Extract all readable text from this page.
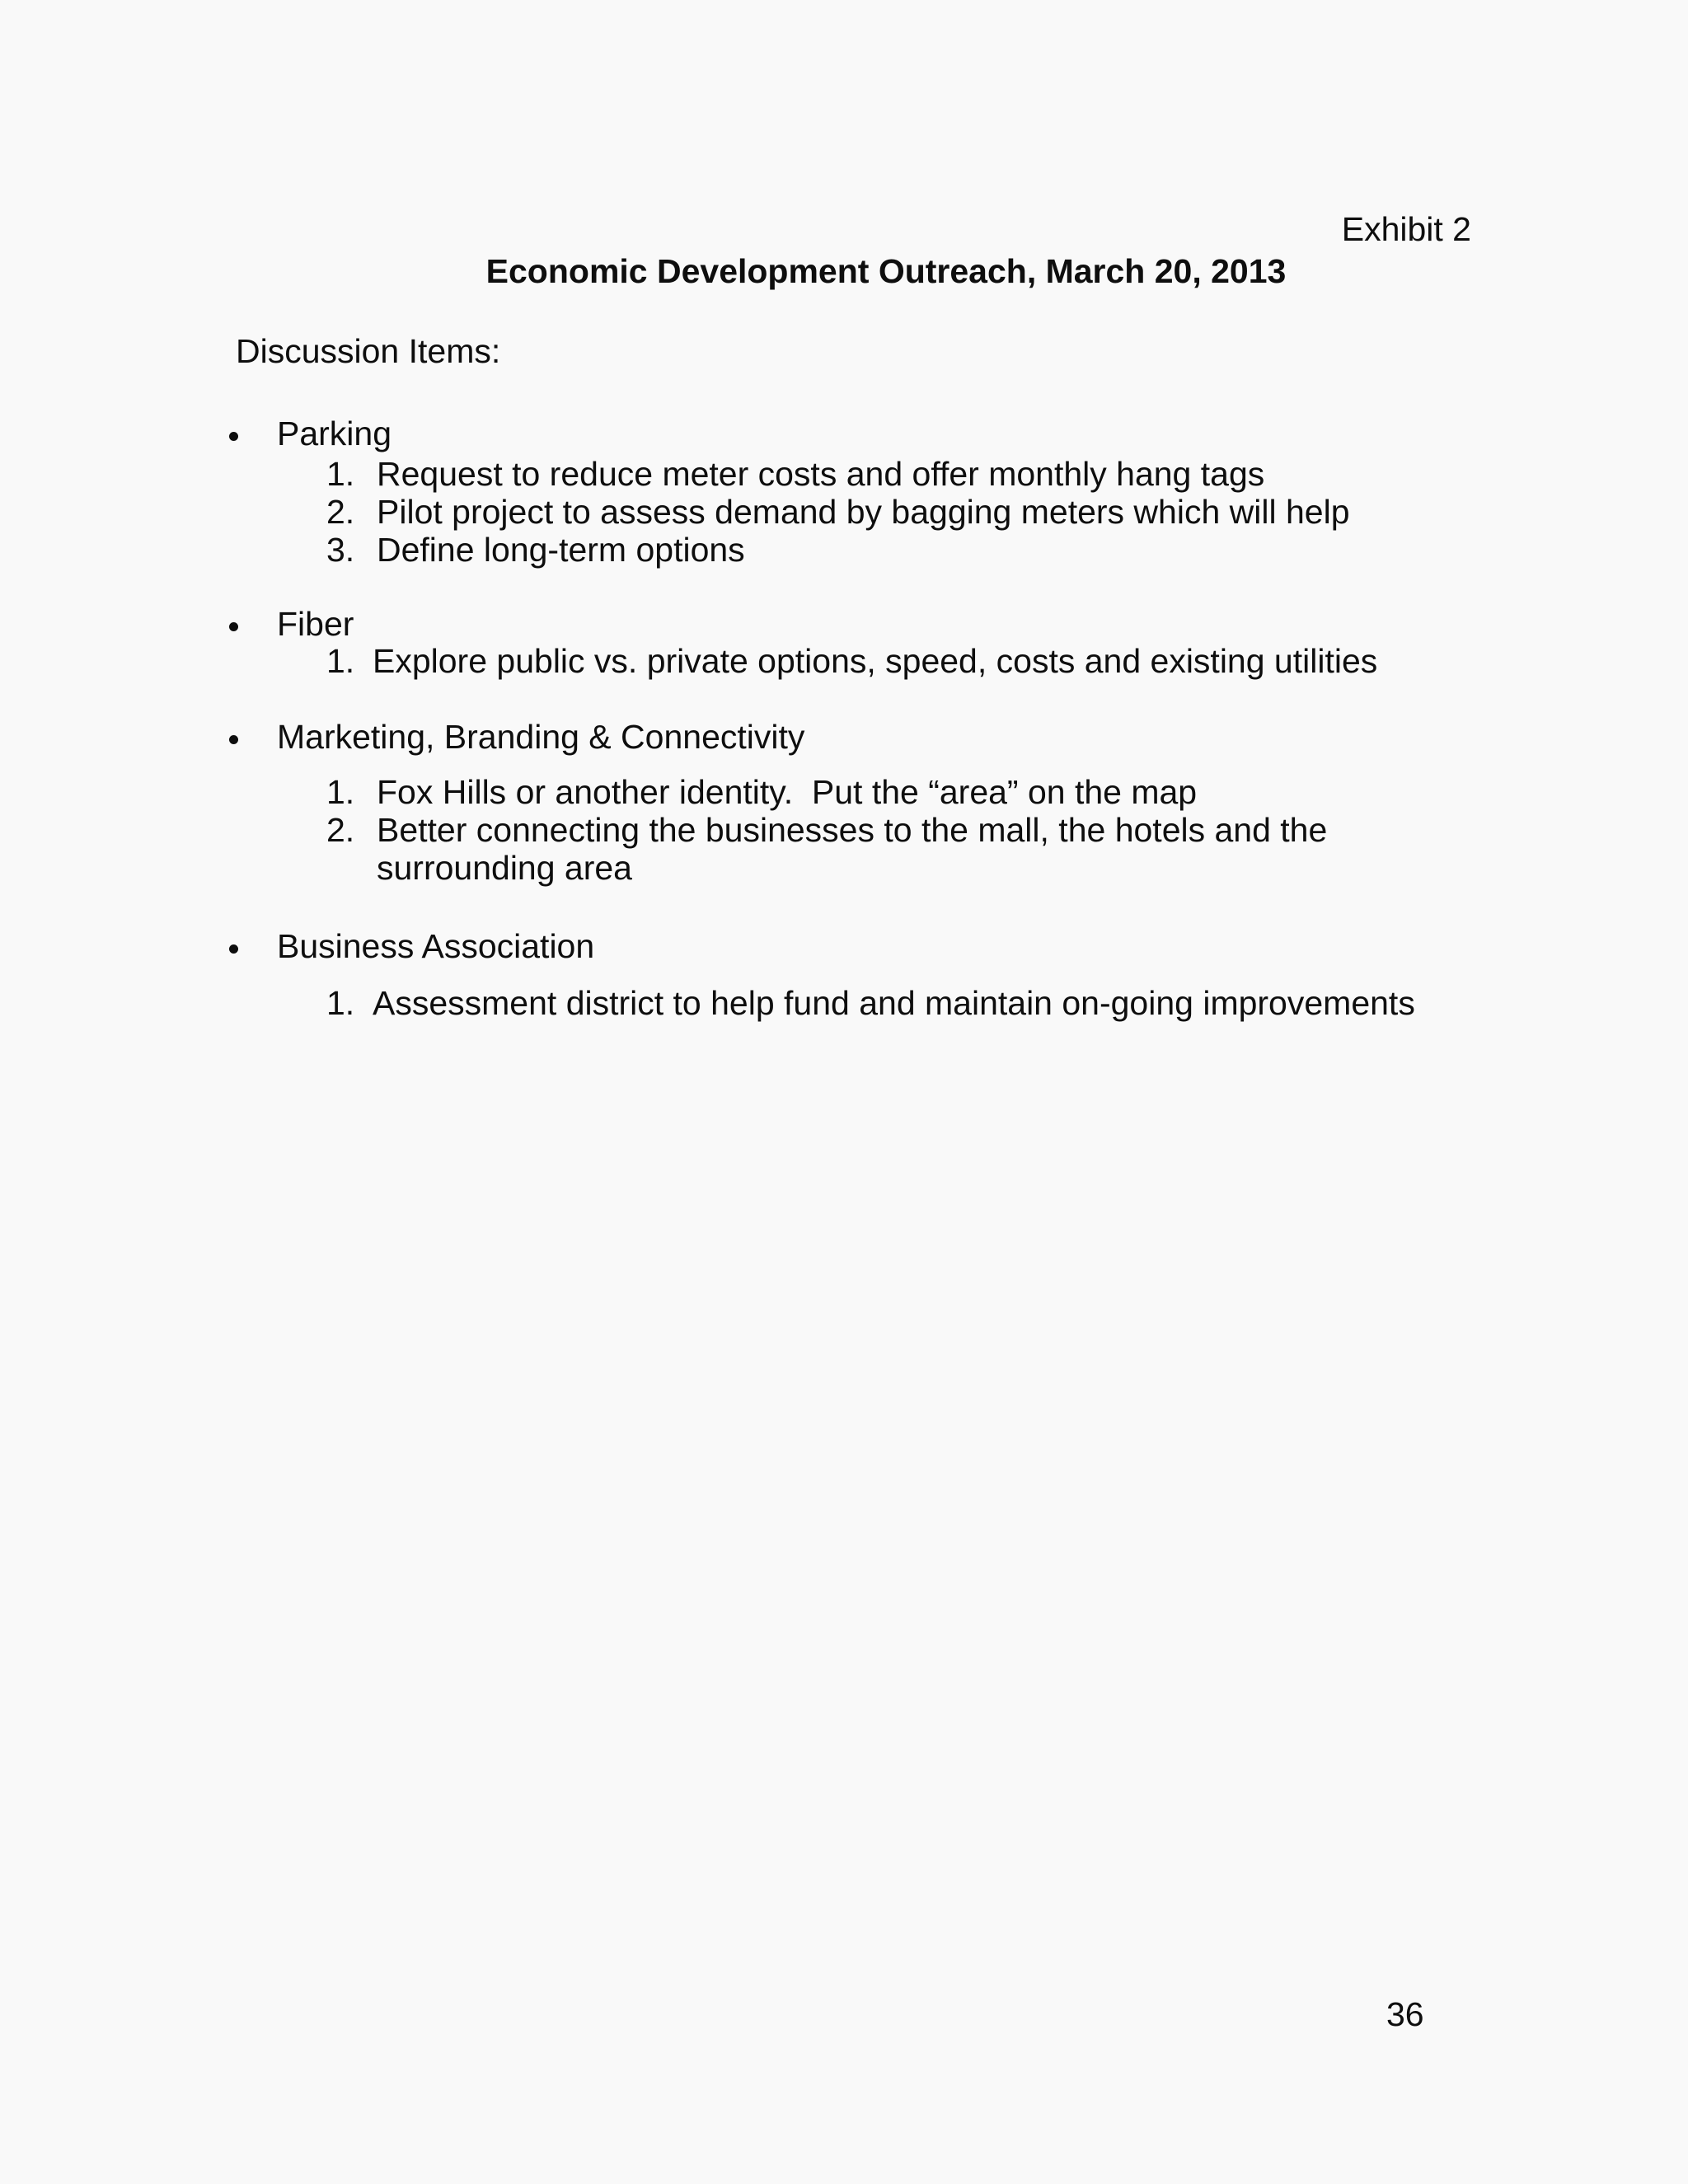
Exhibit 2
Economic Development Outreach, March 20, 2013
Discussion Items:
Parking
1. Request to reduce meter costs and offer monthly hang tags
2. Pilot project to assess demand by bagging meters which will help
3. Define long-term options
Fiber
1. Explore public vs. private options, speed, costs and existing utilities
Marketing, Branding & Connectivity
1. Fox Hills or another identity.  Put the “area” on the map
2. Better connecting the businesses to the mall, the hotels and the surrounding area
Business Association
1. Assessment district to help fund and maintain on-going improvements
36
